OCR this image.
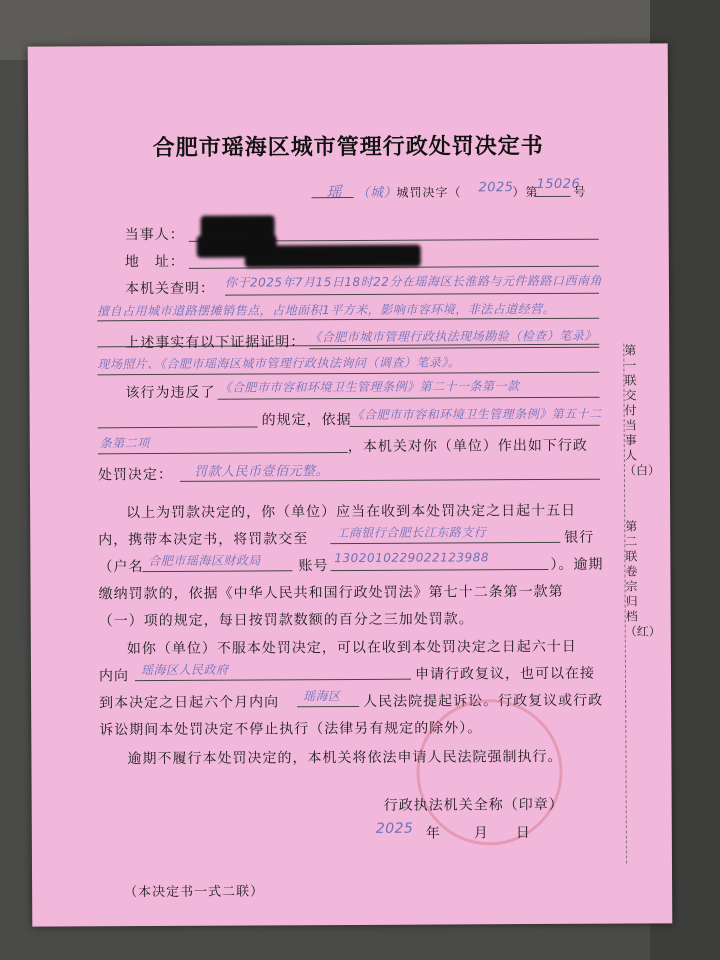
合肥市瑶海区城市管理行政处罚决定书
瑶 （城） 城罚决字（ 2025
）第
15026
号
当事人：
地　址：
本机关查明： 你于2025年7月15日18时22分在瑶海区长淮路与元件路路口西南角
擅自占用城市道路摆摊销售点，占地面积1平方米，影响市容环境，非法占道经营。
上述事实有以下证据证明： 《合肥市城市管理行政执法现场勘验（检查）笔录》
现场照片、《合肥市瑶海区城市管理行政执法询问（调查）笔录》。
该行为违反了 《合肥市市容和环境卫生管理条例》第二十一条第一款
的规定，依据 《合肥市市容和环境卫生管理条例》第五十二
条第二项	，本机关对你（单位）作出如下行政
处罚决定： 罚款人民币壹佰元整。
以上为罚款决定的，你（单位）应当在收到本处罚决定之日起十五日
内，携带本决定书，将罚款交至 工商银行合肥长江东路支行	银行
（户名 合肥市瑶海区财政局	账号
1302010229022123988	）。逾期
缴纳罚款的，依据《中华人民共和国行政处罚法》第七十二条第一款第
（一）项的规定，每日按罚款数额的百分之三加处罚款。
如你（单位）不服本处罚决定，可以在收到本处罚决定之日起六十日
内向 瑶海区人民政府	申请行政复议，也可以在接
到本决定之日起六个月内向 瑶海区 人民法院提起诉讼。行政复议或行政
诉讼期间本处罚决定不停止执行（法律另有规定的除外）。
逾期不履行本处罚决定的，本机关将依法申请人民法院强制执行。
行政执法机关全称（印章）
2025 年 月 日
（本决定书一式二联）
第一联　交付当事人（白）
第二联　卷宗归档（红）
